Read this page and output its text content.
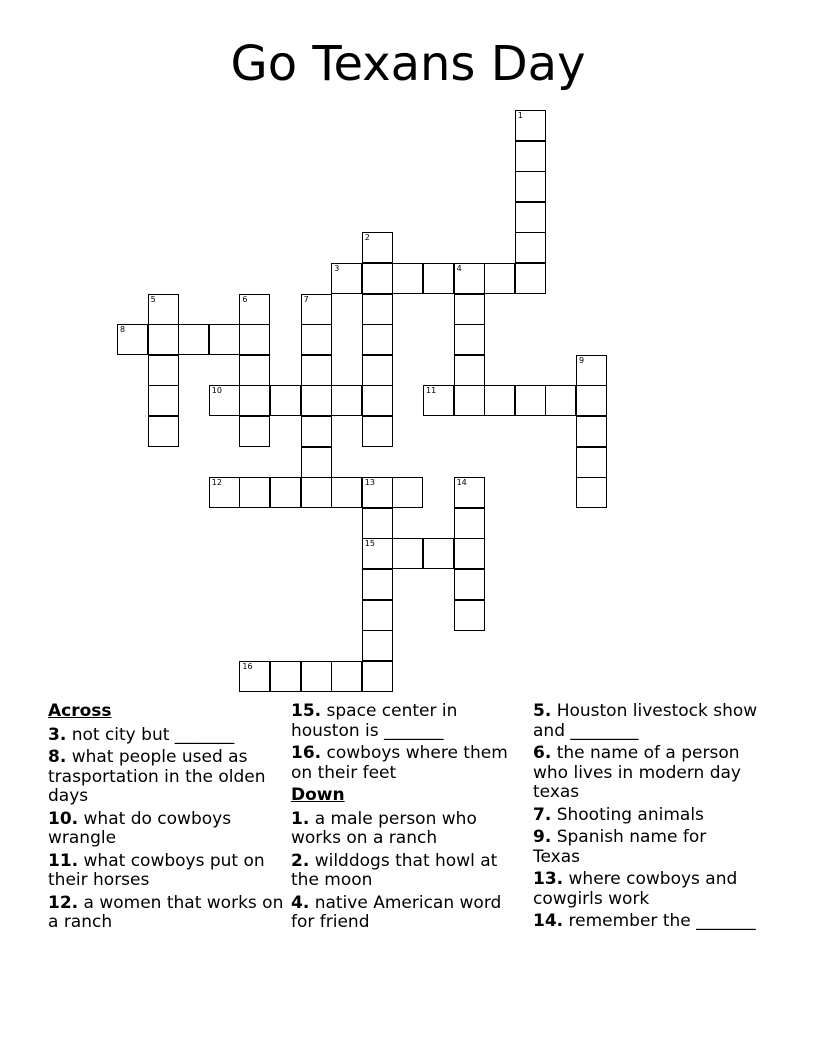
Go Texans Day
1
2
3	4
5	6	7
8
9
10	11
12	13	14
15
16

Across

3. not city but _______

8. what people used as trasportation in the olden days

10. what do cowboys wrangle

11. what cowboys put on their horses

12. a women that works on a ranch

15. space center in houston is _______

16. cowboys where them on their feet

Down

1. a male person who works on a ranch

2. wilddogs that howl at the moon

4. native American word for friend

5. Houston livestock show and ________

6. the name of a person who lives in modern day texas

7. Shooting animals

9. Spanish name for Texas

13. where cowboys and cowgirls work

14. remember the _______
